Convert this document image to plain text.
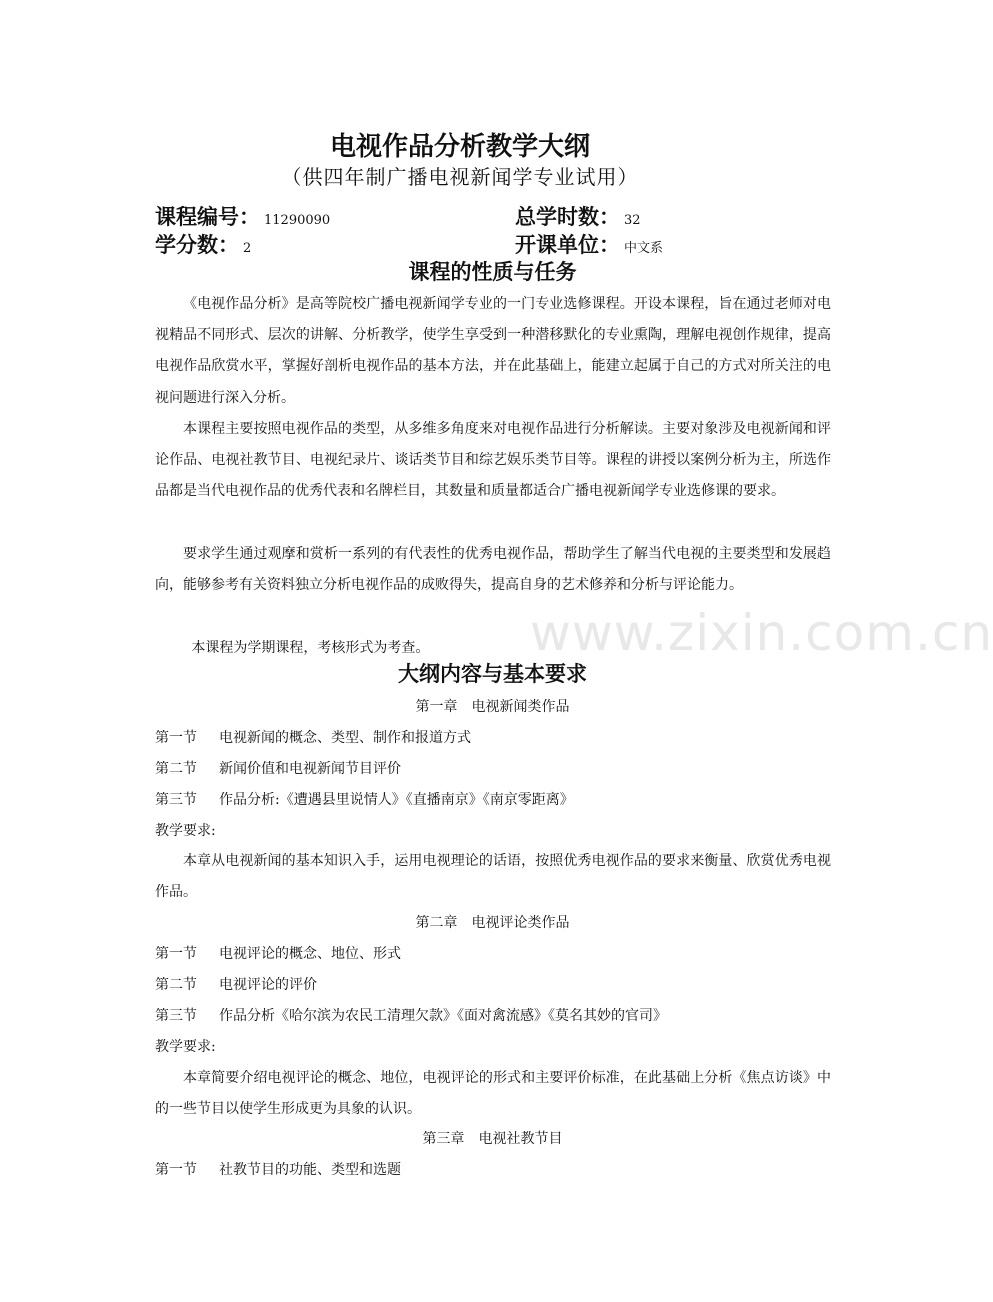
www.zixin.com.cn
电视作品分析教学大纲
（供四年制广播电视新闻学专业试用）
课程编号： 11290090	总学时数： 32
学分数： 2	开课单位： 中文系
课程的性质与任务
《电视作品分析》是高等院校广播电视新闻学专业的一门专业选修课程。开设本课程，旨在通过老师对电视精品不同形式、层次的讲解、分析教学，使学生享受到一种潜移默化的专业熏陶，理解电视创作规律，提高电视作品欣赏水平，掌握好剖析电视作品的基本方法，并在此基础上，能建立起属于自己的方式对所关注的电视问题进行深入分析。
本课程主要按照电视作品的类型，从多维多角度来对电视作品进行分析解读。主要对象涉及电视新闻和评论作品、电视社教节目、电视纪录片、谈话类节目和综艺娱乐类节目等。课程的讲授以案例分析为主，所选作品都是当代电视作品的优秀代表和名牌栏目，其数量和质量都适合广播电视新闻学专业选修课的要求。
要求学生通过观摩和赏析一系列的有代表性的优秀电视作品，帮助学生了解当代电视的主要类型和发展趋向，能够参考有关资料独立分析电视作品的成败得失，提高自身的艺术修养和分析与评论能力。
本课程为学期课程，考核形式为考查。
大纲内容与基本要求
第一章 电视新闻类作品
第一节 电视新闻的概念、类型、制作和报道方式
第二节 新闻价值和电视新闻节目评价
第三节 作品分析:《遭遇县里说情人》《直播南京》《南京零距离》
教学要求:
本章从电视新闻的基本知识入手，运用电视理论的话语，按照优秀电视作品的要求来衡量、欣赏优秀电视作品。
第二章 电视评论类作品
第一节 电视评论的概念、地位、形式
第二节 电视评论的评价
第三节 作品分析《哈尔滨为农民工清理欠款》《面对禽流感》《莫名其妙的官司》
教学要求:
本章简要介绍电视评论的概念、地位，电视评论的形式和主要评价标准，在此基础上分析《焦点访谈》中的一些节目以使学生形成更为具象的认识。
第三章 电视社教节目
第一节 社教节目的功能、类型和选题
